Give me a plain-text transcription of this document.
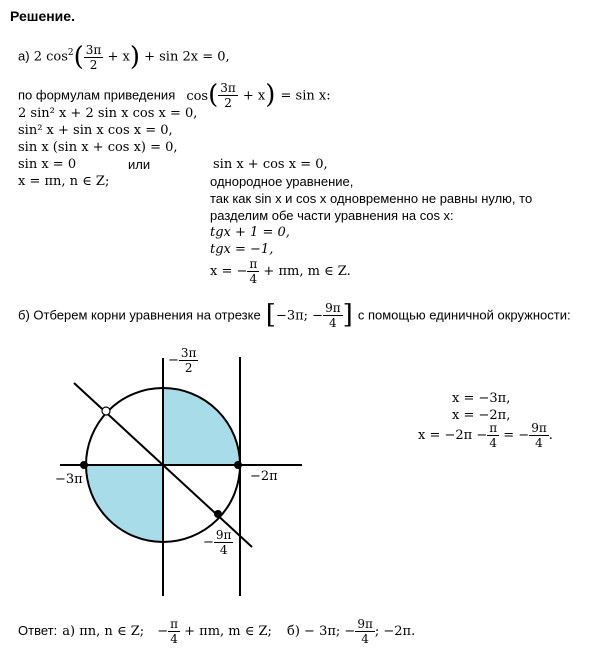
Решение.
а) 2 $\cos^2( \frac{3\pi}{2} + x) + \sin 2x = 0$,
по формулам приведения $\cos( \frac{3\pi}{2} + x) = \sin x$:
2 sin² x + 2 sin x cos x = 0,
sin² x + sin x cos x = 0,
sin x (sin x + cos x) = 0,
sin x = 0	или
x = πn, n ∈ Z;
sin x + cos x = 0,
однородное уравнение,
так как sin x и cos x одновременно не равны нулю, то
разделим обе части уравнения на cos x:
tgx + 1 = 0,
tgx = −1,
x = − $\frac{\pi}{4} + \pi m$, m ∈ Z.
б) Отберем корни уравнения на отрезке [−3π; − $\frac{9\pi}{4}$ ] с помощью единичной окружности:
− $\frac{3\pi}{2}$
−3π	−2π
− $\frac{9\pi}{4}$
x = −3π,
x = −2π,
$x = -2\pi - \frac{\pi}{4}$ = − $\frac{9\pi}{4}$ .
Ответ: а) πn, n ∈ Z; − $\frac{\pi}{4} + \pi m$, m ∈ Z; б) − 3π; − $\frac{9\pi}{4}$ ; −2π.
